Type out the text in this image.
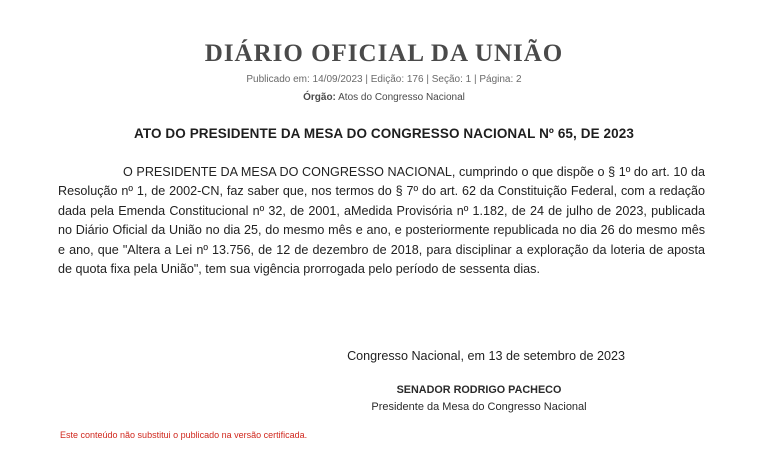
DIÁRIO OFICIAL DA UNIÃO
Publicado em: 14/09/2023 | Edição: 176 | Seção: 1 | Página: 2
Órgão: Atos do Congresso Nacional
ATO DO PRESIDENTE DA MESA DO CONGRESSO NACIONAL Nº 65, DE 2023

O PRESIDENTE DA MESA DO CONGRESSO NACIONAL, cumprindo o que dispõe o § 1º do art. 10 da Resolução nº 1, de 2002-CN, faz saber que, nos termos do § 7º do art. 62 da Constituição Federal, com a redação dada pela Emenda Constitucional nº 32, de 2001, aMedida Provisória nº 1.182, de 24 de julho de 2023, publicada no Diário Oficial da União no dia 25, do mesmo mês e ano, e posteriormente republicada no dia 26 do mesmo mês e ano, que "Altera a Lei nº 13.756, de 12 de dezembro de 2018, para disciplinar a exploração da loteria de aposta de quota fixa pela União", tem sua vigência prorrogada pelo período de sessenta dias.

Congresso Nacional, em 13 de setembro de 2023
SENADOR RODRIGO PACHECO
Presidente da Mesa do Congresso Nacional
Este conteúdo não substitui o publicado na versão certificada.
